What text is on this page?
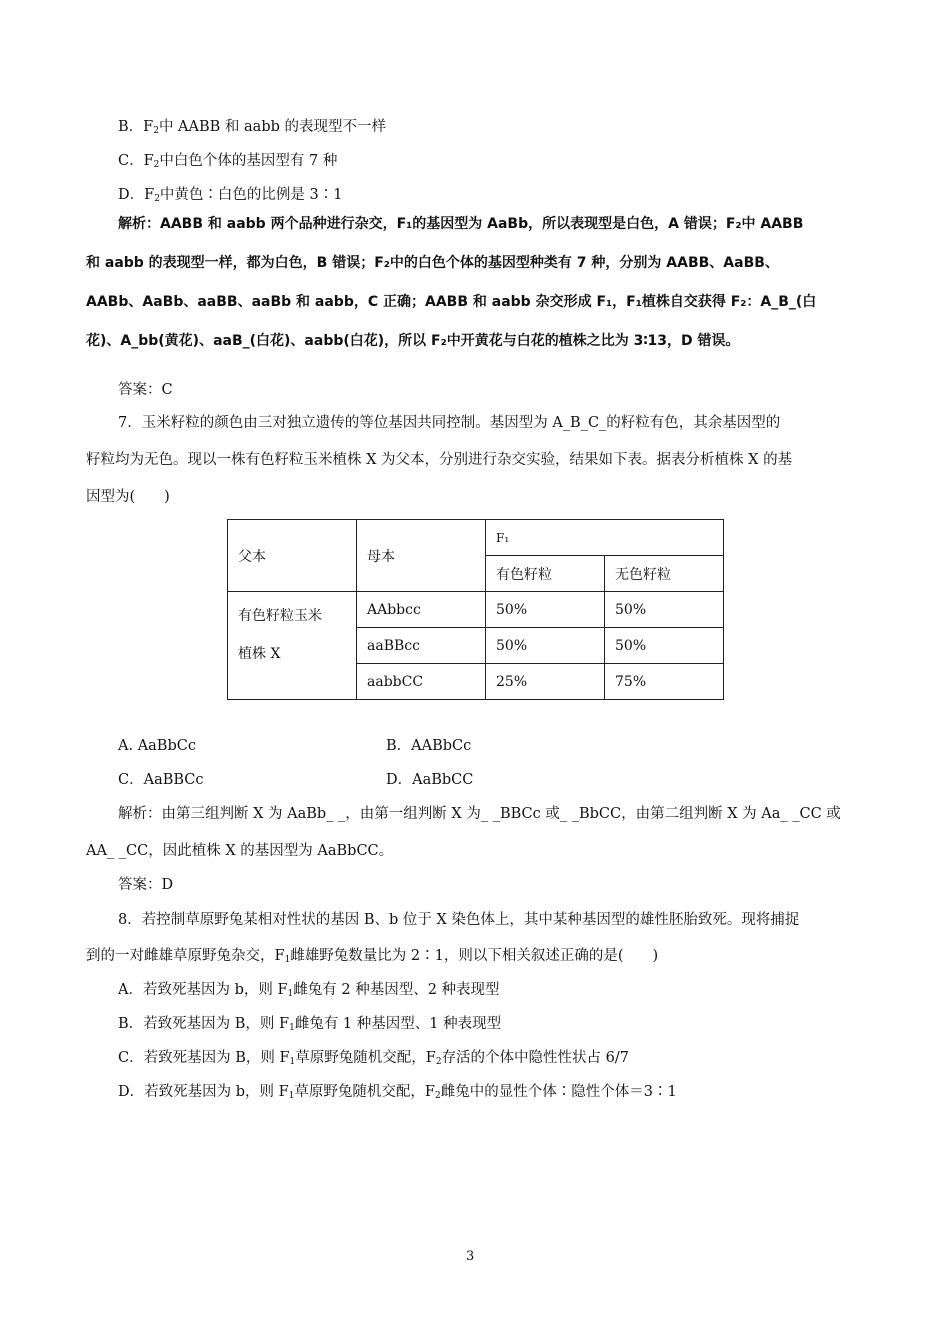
B．$F_2$中 AABB 和 aabb 的表现型不一样
C．$F_2$中白色个体的基因型有 7 种
D．$F_2$中黄色∶白色的比例是 3∶1
解析：AABB 和 aabb 两个品种进行杂交，F₁的基因型为 AaBb，所以表现型是白色，A 错误；F₂中 AABB
和 aabb 的表现型一样，都为白色，B 错误；F₂中的白色个体的基因型种类有 7 种，分别为 AABB、AaBB、
AABb、AaBb、aaBB、aaBb 和 aabb，C 正确；AABB 和 aabb 杂交形成 F₁，F₁植株自交获得 F₂：A_B_(白
花)、A_bb(黄花)、aaB_(白花)、aabb(白花)，所以 F₂中开黄花与白花的植株之比为 3∶13，D 错误。
答案：C
7．玉米籽粒的颜色由三对独立遗传的等位基因共同控制。基因型为 A_B_C_的籽粒有色，其余基因型的
籽粒均为无色。现以一株有色籽粒玉米植株 X 为父本，分别进行杂交实验，结果如下表。据表分析植株 X 的基
因型为(　　)
父本	母本	F₁	
		有色籽粒	无色籽粒

有色籽粒玉米
植株 X	AAbbcc	50%	50%
	aaBBcc	50%	50%
	aabbCC	25%	75%
A. AaBbCc	B．AABbCc
C．AaBBCc	D．AaBbCC
解析：由第三组判断 X 为 AaBb_ _，由第一组判断 X 为_ _BBCc 或_ _BbCC，由第二组判断 X 为 Aa_ _CC 或
AA_ _CC，因此植株 X 的基因型为 AaBbCC。
答案：D
8．若控制草原野兔某相对性状的基因 B、b 位于 X 染色体上，其中某种基因型的雄性胚胎致死。现将捕捉
到的一对雌雄草原野兔杂交，$F_1$雌雄野兔数量比为 2∶1，则以下相关叙述正确的是(　　)
A．若致死基因为 b，则 $F_1$雌兔有 2 种基因型、2 种表现型
B．若致死基因为 B，则 $F_1$雌兔有 1 种基因型、1 种表现型
C．若致死基因为 B，则 $F_1$草原野兔随机交配，$F_2$存活的个体中隐性性状占 6/7
D．若致死基因为 b，则 $F_1$草原野兔随机交配，$F_2$雌兔中的显性个体∶隐性个体＝3∶1
3
